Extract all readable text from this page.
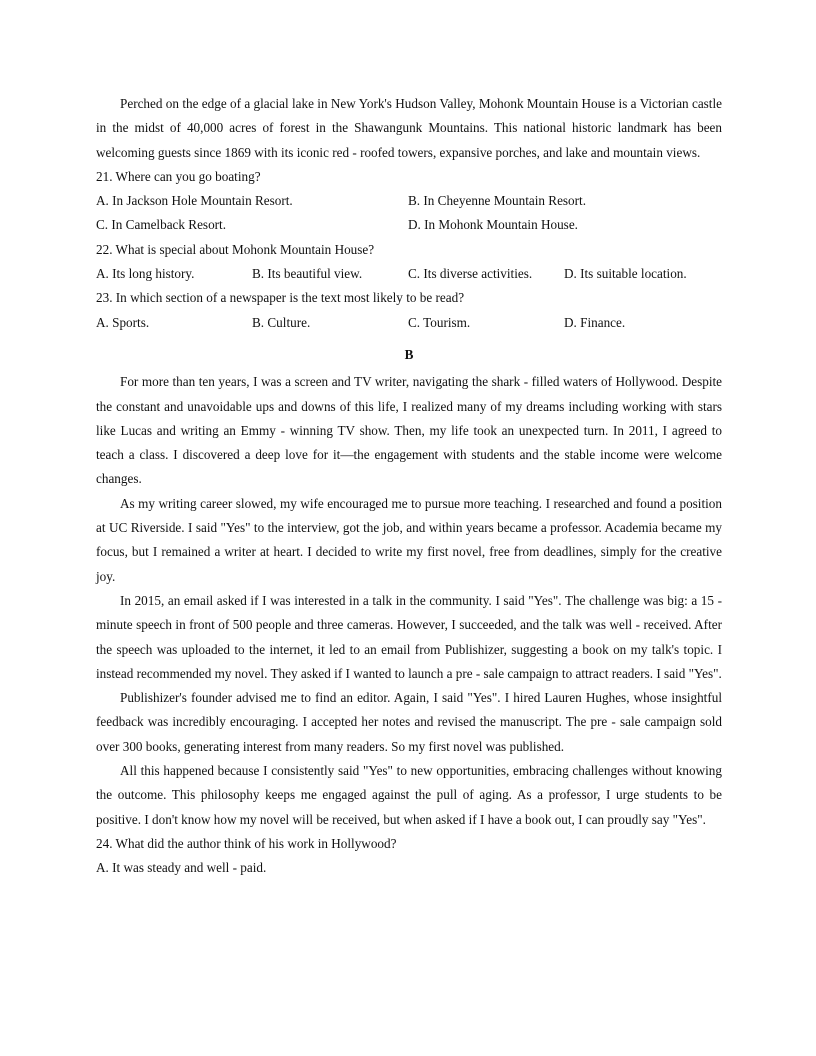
Perched on the edge of a glacial lake in New York's Hudson Valley, Mohonk Mountain House is a Victorian castle in the midst of 40,000 acres of forest in the Shawangunk Mountains. This national historic landmark has been welcoming guests since 1869 with its iconic red - roofed towers, expansive porches, and lake and mountain views.

21. Where can you go boating?

A. In Jackson Hole Mountain Resort.	B. In Cheyenne Mountain Resort.
C. In Camelback Resort.	D. In Mohonk Mountain House.

22. What is special about Mohonk Mountain House?

A. Its long history.	B. Its beautiful view.	C. Its diverse activities.	D. Its suitable location.

23. In which section of a newspaper is the text most likely to be read?

A. Sports.	B. Culture.	C. Tourism.	D. Finance.
B

For more than ten years, I was a screen and TV writer, navigating the shark - filled waters of Hollywood. Despite the constant and unavoidable ups and downs of this life, I realized many of my dreams including working with stars like Lucas and writing an Emmy - winning TV show. Then, my life took an unexpected turn. In 2011, I agreed to teach a class. I discovered a deep love for it—the engagement with students and the stable income were welcome changes.

As my writing career slowed, my wife encouraged me to pursue more teaching. I researched and found a position at UC Riverside. I said "Yes" to the interview, got the job, and within years became a professor. Academia became my focus, but I remained a writer at heart. I decided to write my first novel, free from deadlines, simply for the creative joy.

In 2015, an email asked if I was interested in a talk in the community. I said "Yes". The challenge was big: a 15 - minute speech in front of 500 people and three cameras. However, I succeeded, and the talk was well - received. After the speech was uploaded to the internet, it led to an email from Publishizer, suggesting a book on my talk's topic. I instead recommended my novel. They asked if I wanted to launch a pre - sale campaign to attract readers. I said "Yes".

Publishizer's founder advised me to find an editor. Again, I said "Yes". I hired Lauren Hughes, whose insightful feedback was incredibly encouraging. I accepted her notes and revised the manuscript. The pre - sale campaign sold over 300 books, generating interest from many readers. So my first novel was published.

All this happened because I consistently said "Yes" to new opportunities, embracing challenges without knowing the outcome. This philosophy keeps me engaged against the pull of aging. As a professor, I urge students to be positive. I don't know how my novel will be received, but when asked if I have a book out, I can proudly say "Yes".

24. What did the author think of his work in Hollywood?

A. It was steady and well - paid.
